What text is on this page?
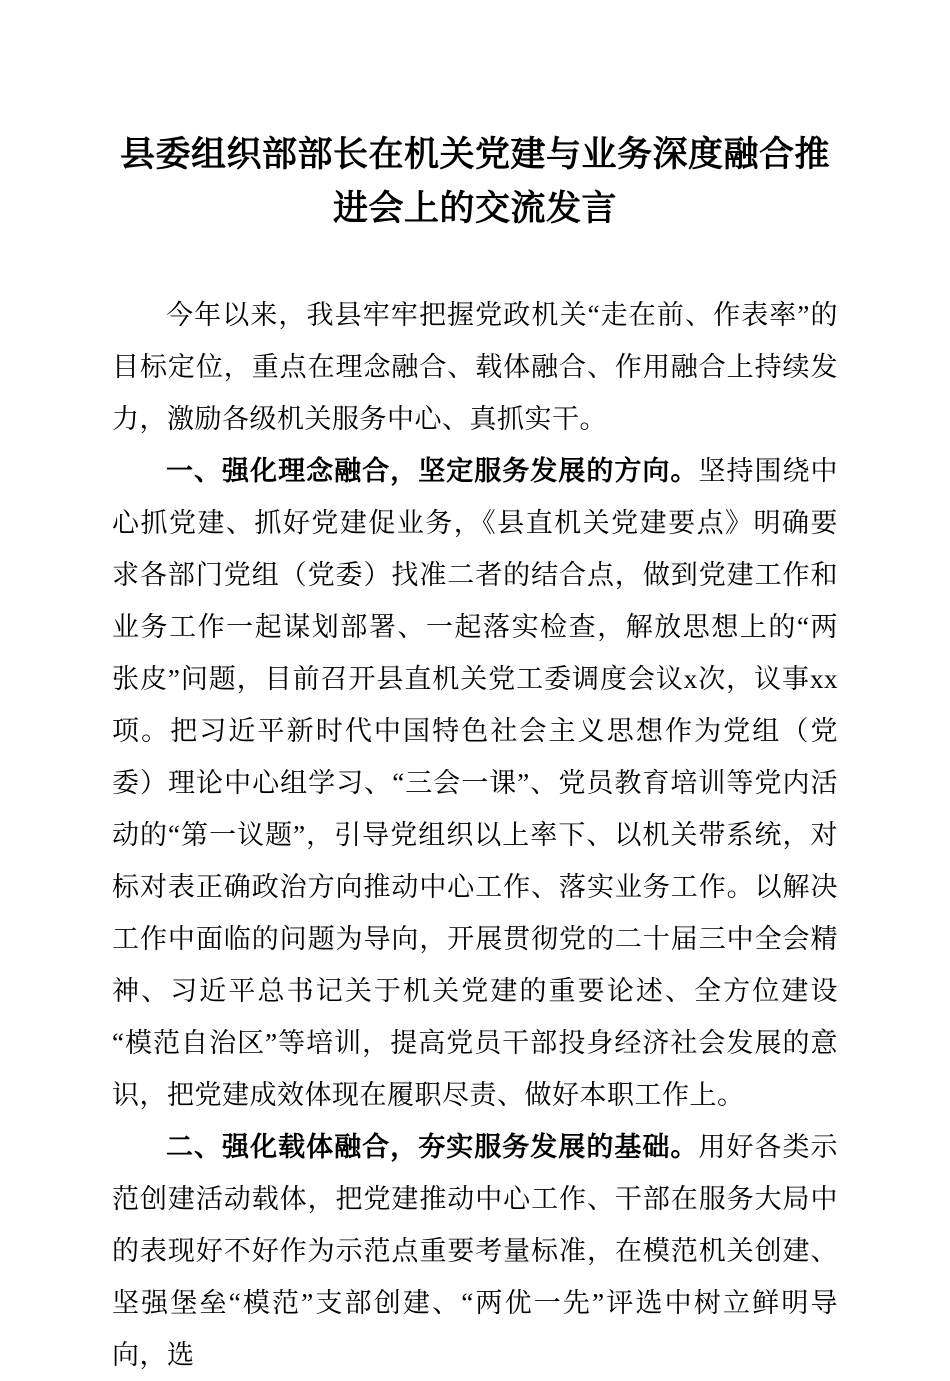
县委组织部部长在机关党建与业务深度融合推进会上的交流发言

今年以来，我县牢牢把握党政机关“走在前、作表率”的目标定位，重点在理念融合、载体融合、作用融合上持续发力，激励各级机关服务中心、真抓实干。

一、强化理念融合，坚定服务发展的方向。坚持围绕中心抓党建、抓好党建促业务，《县直机关党建要点》明确要求各部门党组（党委）找准二者的结合点，做到党建工作和业务工作一起谋划部署、一起落实检查，解放思想上的“两张皮”问题，目前召开县直机关党工委调度会议x次，议事xx项。把习近平新时代中国特色社会主义思想作为党组（党委）理论中心组学习、“三会一课”、党员教育培训等党内活动的“第一议题”，引导党组织以上率下、以机关带系统，对标对表正确政治方向推动中心工作、落实业务工作。以解决工作中面临的问题为导向，开展贯彻党的二十届三中全会精神、习近平总书记关于机关党建的重要论述、全方位建设“模范自治区”等培训，提高党员干部投身经济社会发展的意识，把党建成效体现在履职尽责、做好本职工作上。

二、强化载体融合，夯实服务发展的基础。用好各类示范创建活动载体，把党建推动中心工作、干部在服务大局中的表现好不好作为示范点重要考量标准，在模范机关创建、坚强堡垒“模范”支部创建、“两优一先”评选中树立鲜明导向，选
